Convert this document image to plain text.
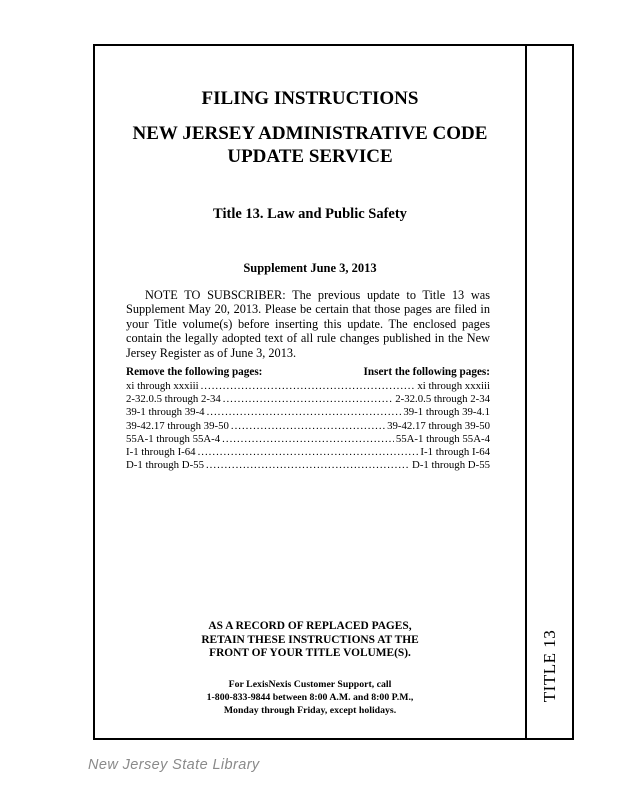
FILING INSTRUCTIONS
NEW JERSEY ADMINISTRATIVE CODE
UPDATE SERVICE
Title 13. Law and Public Safety
Supplement June 3, 2013
NOTE TO SUBSCRIBER: The previous update to Title 13 was Supplement May 20, 2013. Please be certain that those pages are filed in your Title volume(s) before inserting this update. The enclosed pages contain the legally adopted text of all rule changes published in the New Jersey Register as of June 3, 2013.
Remove the following pages:	Insert the following pages:
xi through xxxiii .....	xi through xxxiii
2-32.0.5 through 2-34 .....	2-32.0.5 through 2-34
39-1 through 39-4 .....	39-1 through 39-4.1
39-42.17 through 39-50 .....	39-42.17 through 39-50
55A-1 through 55A-4 .....	55A-1 through 55A-4
I-1 through I-64 .....	I-1 through I-64
D-1 through D-55 .....	D-1 through D-55
AS A RECORD OF REPLACED PAGES,
RETAIN THESE INSTRUCTIONS AT THE
FRONT OF YOUR TITLE VOLUME(S).
For LexisNexis Customer Support, call
1-800-833-9844 between 8:00 A.M. and 8:00 P.M.,
Monday through Friday, except holidays.
TITLE 13
New Jersey State Library
